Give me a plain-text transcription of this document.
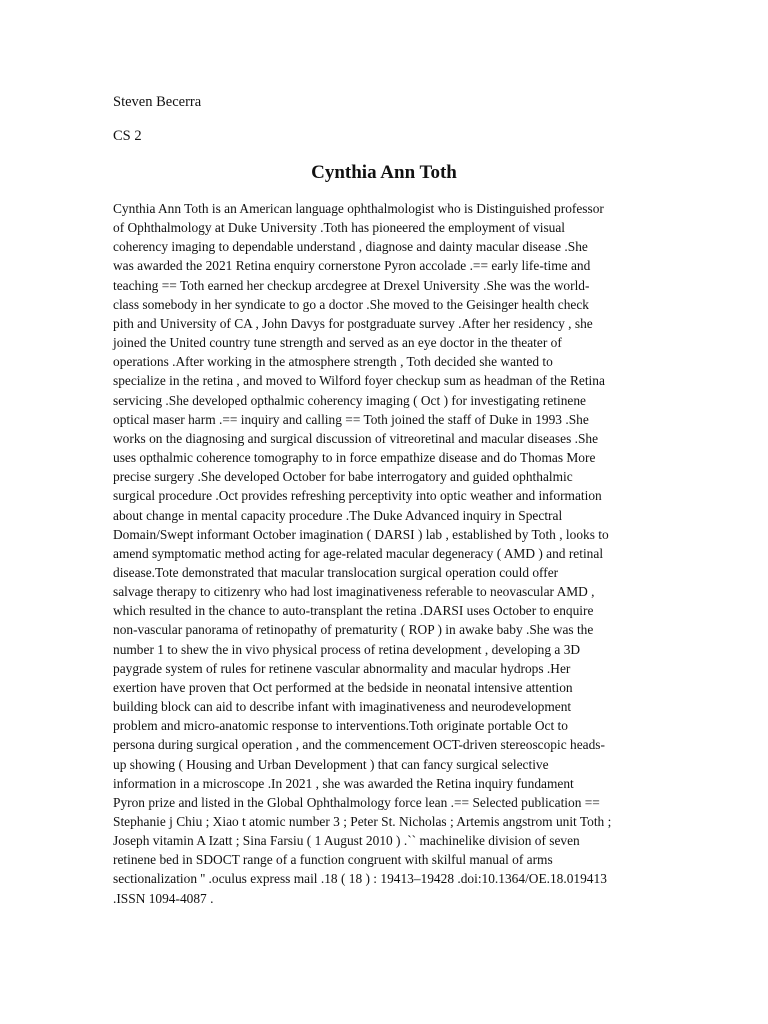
Steven Becerra
CS 2
Cynthia Ann Toth
Cynthia Ann Toth is an American language ophthalmologist who is Distinguished professor
of Ophthalmology at Duke University .Toth has pioneered the employment of visual
coherency imaging to dependable understand , diagnose and dainty macular disease .She
was awarded the 2021 Retina enquiry cornerstone Pyron accolade .== early life-time and
teaching == Toth earned her checkup arcdegree at Drexel University .She was the world-
class somebody in her syndicate to go a doctor .She moved to the Geisinger health check
pith and University of CA , John Davys for postgraduate survey .After her residency , she
joined the United country tune strength and served as an eye doctor in the theater of
operations .After working in the atmosphere strength , Toth decided she wanted to
specialize in the retina , and moved to Wilford foyer checkup sum as headman of the Retina
servicing .She developed opthalmic coherency imaging ( Oct ) for investigating retinene
optical maser harm .== inquiry and calling == Toth joined the staff of Duke in 1993 .She
works on the diagnosing and surgical discussion of vitreoretinal and macular diseases .She
uses opthalmic coherence tomography to in force empathize disease and do Thomas More
precise surgery .She developed October for babe interrogatory and guided ophthalmic
surgical procedure .Oct provides refreshing perceptivity into optic weather and information
about change in mental capacity procedure .The Duke Advanced inquiry in Spectral
Domain/Swept informant October imagination ( DARSI ) lab , established by Toth , looks to
amend symptomatic method acting for age-related macular degeneracy ( AMD ) and retinal
disease.Tote demonstrated that macular translocation surgical operation could offer
salvage therapy to citizenry who had lost imaginativeness referable to neovascular AMD ,
which resulted in the chance to auto-transplant the retina .DARSI uses October to enquire
non-vascular panorama of retinopathy of prematurity ( ROP ) in awake baby .She was the
number 1 to shew the in vivo physical process of retina development , developing a 3D
paygrade system of rules for retinene vascular abnormality and macular hydrops .Her
exertion have proven that Oct performed at the bedside in neonatal intensive attention
building block can aid to describe infant with imaginativeness and neurodevelopment
problem and micro-anatomic response to interventions.Toth originate portable Oct to
persona during surgical operation , and the commencement OCT-driven stereoscopic heads-
up showing ( Housing and Urban Development ) that can fancy surgical selective
information in a microscope .In 2021 , she was awarded the Retina inquiry fundament
Pyron prize and listed in the Global Ophthalmology force lean .== Selected publication ==
Stephanie j Chiu ; Xiao t atomic number 3 ; Peter St. Nicholas ; Artemis angstrom unit Toth ;
Joseph vitamin A Izatt ; Sina Farsiu ( 1 August 2010 ) .`` machinelike division of seven
retinene bed in SDOCT range of a function congruent with skilful manual of arms
sectionalization '' .oculus express mail .18 ( 18 ) : 19413–19428 .doi:10.1364/OE.18.019413
.ISSN 1094-4087 .
